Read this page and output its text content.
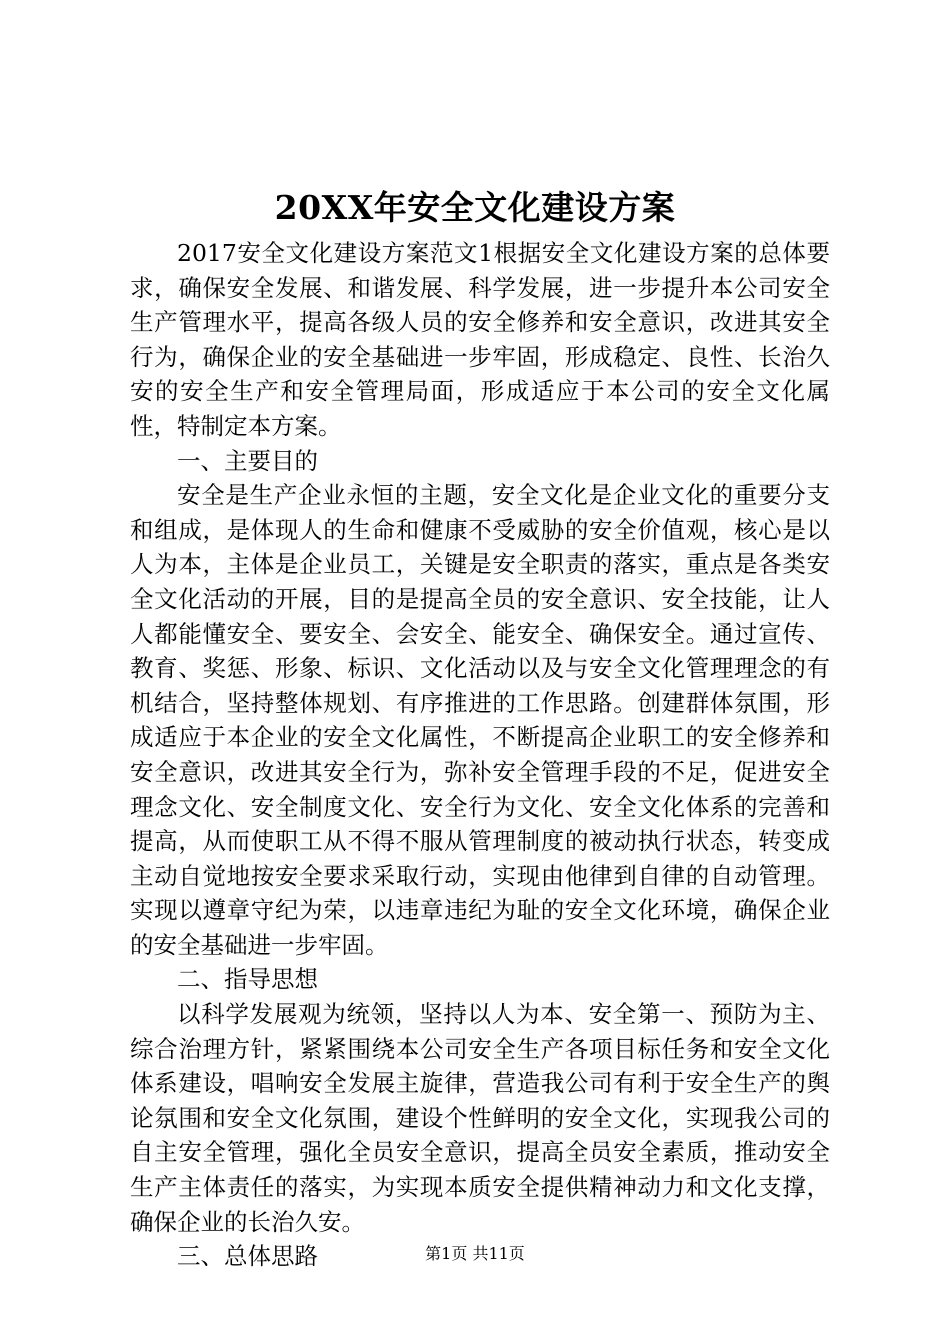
20XX年安全文化建设方案

2017安全文化建设方案范文1根据安全文化建设方案的总体要求，确保安全发展、和谐发展、科学发展，进一步提升本公司安全生产管理水平，提高各级人员的安全修养和安全意识，改进其安全行为，确保企业的安全基础进一步牢固，形成稳定、良性、长治久安的安全生产和安全管理局面，形成适应于本公司的安全文化属性，特制定本方案。

一、主要目的

安全是生产企业永恒的主题，安全文化是企业文化的重要分支和组成，是体现人的生命和健康不受威胁的安全价值观，核心是以人为本，主体是企业员工，关键是安全职责的落实，重点是各类安全文化活动的开展，目的是提高全员的安全意识、安全技能，让人人都能懂安全、要安全、会安全、能安全、确保安全。通过宣传、教育、奖惩、形象、标识、文化活动以及与安全文化管理理念的有机结合，坚持整体规划、有序推进的工作思路。创建群体氛围，形成适应于本企业的安全文化属性，不断提高企业职工的安全修养和安全意识，改进其安全行为，弥补安全管理手段的不足，促进安全理念文化、安全制度文化、安全行为文化、安全文化体系的完善和提高，从而使职工从不得不服从管理制度的被动执行状态，转变成主动自觉地按安全要求采取行动，实现由他律到自律的自动管理。实现以遵章守纪为荣，以违章违纪为耻的安全文化环境，确保企业的安全基础进一步牢固。

二、指导思想

以科学发展观为统领，坚持以人为本、安全第一、预防为主、综合治理方针，紧紧围绕本公司安全生产各项目标任务和安全文化体系建设，唱响安全发展主旋律，营造我公司有利于安全生产的舆论氛围和安全文化氛围，建设个性鲜明的安全文化，实现我公司的自主安全管理，强化全员安全意识，提高全员安全素质，推动安全生产主体责任的落实，为实现本质安全提供精神动力和文化支撑，确保企业的长治久安。

三、总体思路	第1页 共11页
